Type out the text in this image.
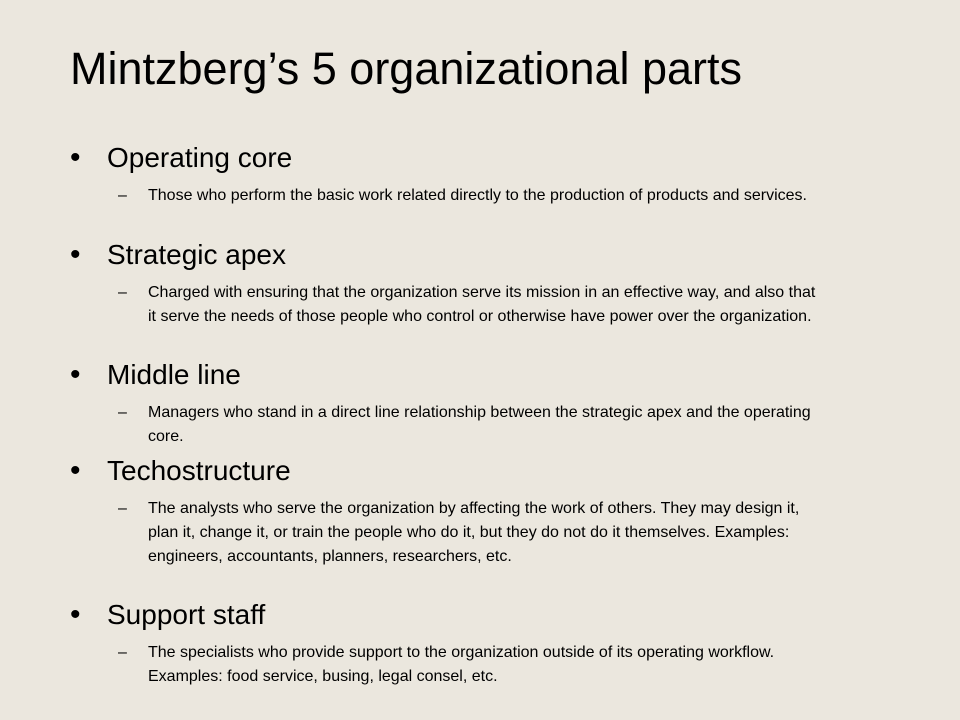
Mintzberg’s 5 organizational parts
• Operating core
– Those who perform the basic work related directly to the production of products and services.

• Strategic apex
– Charged with ensuring that the organization serve its mission in an effective way, and also that it serve the needs of those people who control or otherwise have power over the organization.

• Middle line
– Managers who stand in a direct line relationship between the strategic apex and the operating core.

• Techostructure
– The analysts who serve the organization by affecting the work of others. They may design it, plan it, change it, or train the people who do it, but they do not do it themselves. Examples: engineers, accountants, planners, researchers, etc.

• Support staff
– The specialists who provide support to the organization outside of its operating workflow. Examples: food service, busing, legal consel, etc.
